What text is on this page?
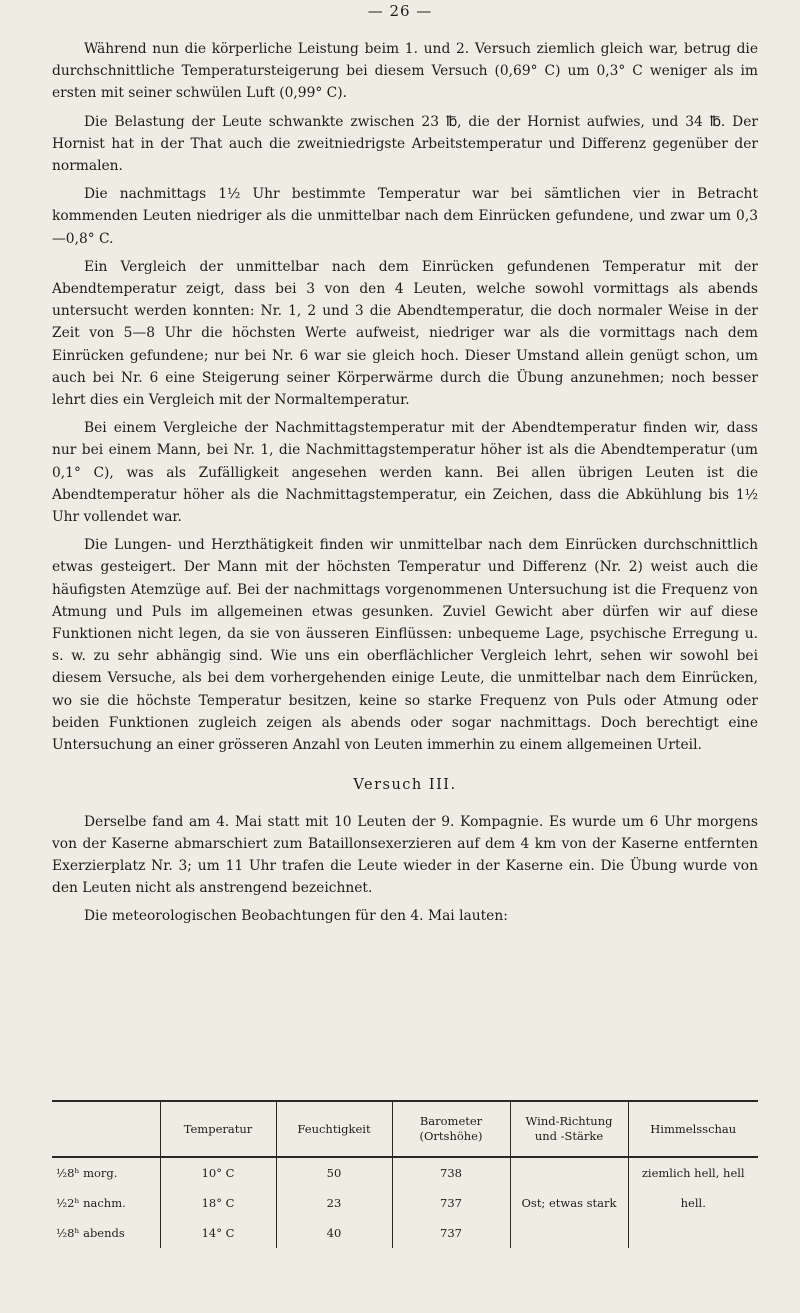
— 26 —

Während nun die körperliche Leistung beim 1. und 2. Versuch ziemlich gleich war, betrug die durchschnittliche Temperatursteigerung bei diesem Versuch (0,69° C) um 0,3° C weniger als im ersten mit seiner schwülen Luft (0,99° C).

Die Belastung der Leute schwankte zwischen 23 ℔, die der Hornist aufwies, und 34 ℔. Der Hornist hat in der That auch die zweitniedrigste Arbeitstemperatur und Differenz gegenüber der normalen.

Die nachmittags 1½ Uhr bestimmte Temperatur war bei sämtlichen vier in Betracht kommenden Leuten niedriger als die unmittelbar nach dem Einrücken gefundene, und zwar um 0,3—0,8° C.

Ein Vergleich der unmittelbar nach dem Einrücken gefundenen Temperatur mit der Abendtemperatur zeigt, dass bei 3 von den 4 Leuten, welche sowohl vormittags als abends untersucht werden konnten: Nr. 1, 2 und 3 die Abendtemperatur, die doch normaler Weise in der Zeit von 5—8 Uhr die höchsten Werte aufweist, niedriger war als die vormittags nach dem Einrücken gefundene; nur bei Nr. 6 war sie gleich hoch. Dieser Umstand allein genügt schon, um auch bei Nr. 6 eine Steigerung seiner Körperwärme durch die Übung anzunehmen; noch besser lehrt dies ein Vergleich mit der Normaltemperatur.

Bei einem Vergleiche der Nachmittagstemperatur mit der Abendtemperatur finden wir, dass nur bei einem Mann, bei Nr. 1, die Nachmittagstemperatur höher ist als die Abendtemperatur (um 0,1° C), was als Zufälligkeit angesehen werden kann. Bei allen übrigen Leuten ist die Abendtemperatur höher als die Nachmittagstemperatur, ein Zeichen, dass die Abkühlung bis 1½ Uhr vollendet war.

Die Lungen- und Herzthätigkeit finden wir unmittelbar nach dem Einrücken durchschnittlich etwas gesteigert. Der Mann mit der höchsten Temperatur und Differenz (Nr. 2) weist auch die häufigsten Atemzüge auf. Bei der nachmittags vorgenommenen Untersuchung ist die Frequenz von Atmung und Puls im allgemeinen etwas gesunken. Zuviel Gewicht aber dürfen wir auf diese Funktionen nicht legen, da sie von äusseren Einflüssen: unbequeme Lage, psychische Erregung u. s. w. zu sehr abhängig sind. Wie uns ein oberflächlicher Vergleich lehrt, sehen wir sowohl bei diesem Versuche, als bei dem vorhergehenden einige Leute, die unmittelbar nach dem Einrücken, wo sie die höchste Temperatur besitzen, keine so starke Frequenz von Puls oder Atmung oder beiden Funktionen zugleich zeigen als abends oder sogar nachmittags. Doch berechtigt eine Untersuchung an einer grösseren Anzahl von Leuten immerhin zu einem allgemeinen Urteil.

Versuch III.

Derselbe fand am 4. Mai statt mit 10 Leuten der 9. Kompagnie. Es wurde um 6 Uhr morgens von der Kaserne abmarschiert zum Bataillonsexerzieren auf dem 4 km von der Kaserne entfernten Exerzierplatz Nr. 3; um 11 Uhr trafen die Leute wieder in der Kaserne ein. Die Übung wurde von den Leuten nicht als anstrengend bezeichnet.

Die meteorologischen Beobachtungen für den 4. Mai lauten:

	Temperatur	Feuchtigkeit	Barometer (Ortshöhe)	Wind-Richtung und -Stärke	Himmelsschau
½8ʰ morg.	10° C	50	738	Ost; etwas stark	ziemlich hell, hell
½2ʰ nachm.	18° C	23	737		hell.
½8ʰ abends	14° C	40	737		
